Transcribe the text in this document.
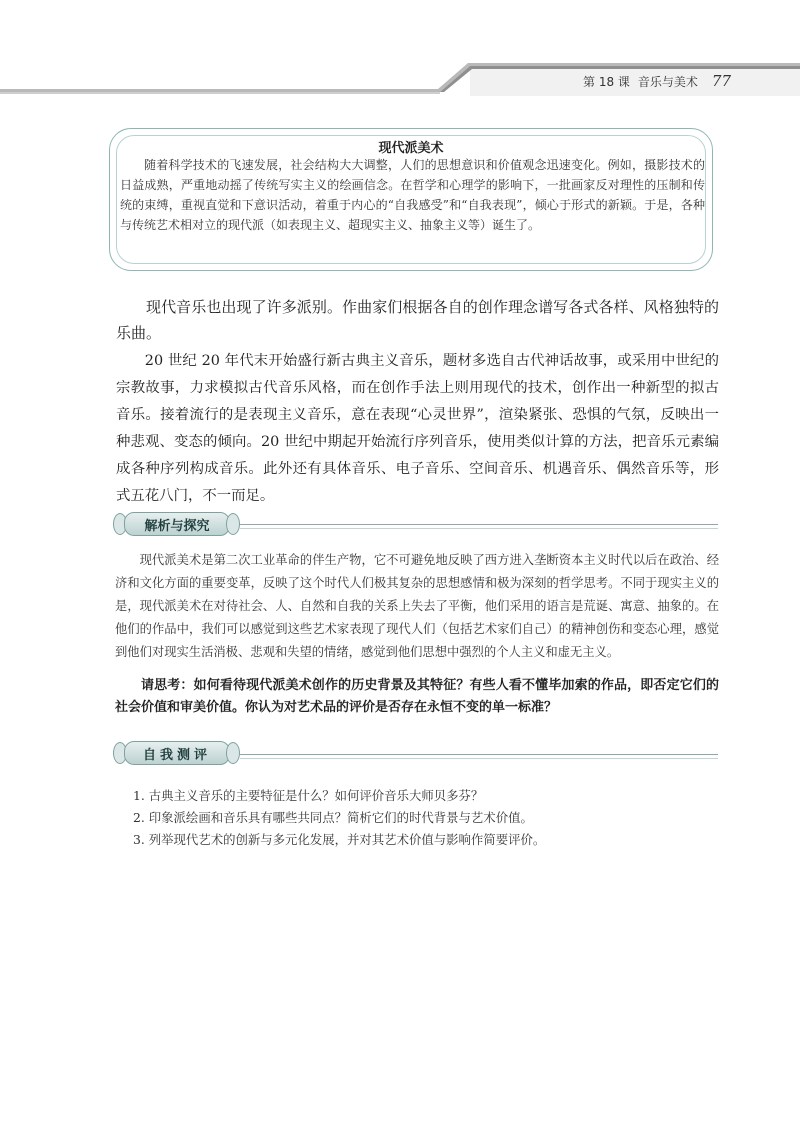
第 18 课 音乐与美术 77
现代派美术
随着科学技术的飞速发展，社会结构大大调整，人们的思想意识和价值观念迅速变化。例如，摄影技术的日益成熟，严重地动摇了传统写实主义的绘画信念。在哲学和心理学的影响下，一批画家反对理性的压制和传统的束缚，重视直觉和下意识活动，着重于内心的“自我感受”和“自我表现”，倾心于形式的新颖。于是，各种与传统艺术相对立的现代派（如表现主义、超现实主义、抽象主义等）诞生了。
现代音乐也出现了许多派别。作曲家们根据各自的创作理念谱写各式各样、风格独特的乐曲。
20 世纪 20 年代末开始盛行新古典主义音乐，题材多选自古代神话故事，或采用中世纪的宗教故事，力求模拟古代音乐风格，而在创作手法上则用现代的技术，创作出一种新型的拟古音乐。接着流行的是表现主义音乐，意在表现“心灵世界”，渲染紧张、恐惧的气氛，反映出一种悲观、变态的倾向。20 世纪中期起开始流行序列音乐，使用类似计算的方法，把音乐元素编成各种序列构成音乐。此外还有具体音乐、电子音乐、空间音乐、机遇音乐、偶然音乐等，形式五花八门，不一而足。
解析与探究
现代派美术是第二次工业革命的伴生产物，它不可避免地反映了西方进入垄断资本主义时代以后在政治、经济和文化方面的重要变革，反映了这个时代人们极其复杂的思想感情和极为深刻的哲学思考。不同于现实主义的是，现代派美术在对待社会、人、自然和自我的关系上失去了平衡，他们采用的语言是荒诞、寓意、抽象的。在他们的作品中，我们可以感觉到这些艺术家表现了现代人们（包括艺术家们自己）的精神创伤和变态心理，感觉到他们对现实生活消极、悲观和失望的情绪，感觉到他们思想中强烈的个人主义和虚无主义。
请思考：如何看待现代派美术创作的历史背景及其特征？有些人看不懂毕加索的作品，即否定它们的社会价值和审美价值。你认为对艺术品的评价是否存在永恒不变的单一标准？
自我测评
1. 古典主义音乐的主要特征是什么？如何评价音乐大师贝多芬？
2. 印象派绘画和音乐具有哪些共同点？简析它们的时代背景与艺术价值。
3. 列举现代艺术的创新与多元化发展，并对其艺术价值与影响作简要评价。
